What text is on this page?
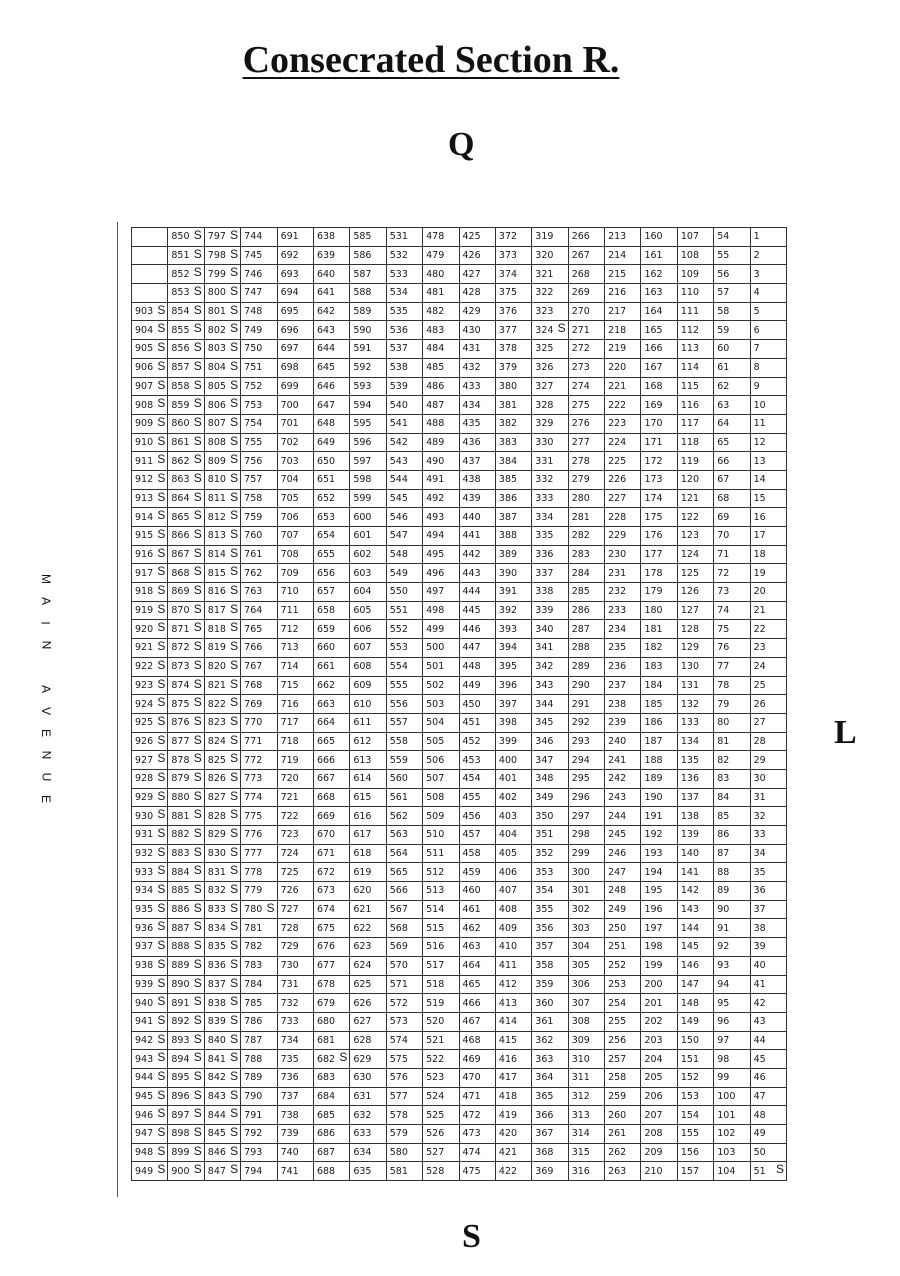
Consecrated Section R.
Q
L
S
M
A
I
N
A
V
E
N
U
E
	850 S	797 S	744	691	638	585	531	478	425	372	319	266	213	160	107	54	1
	851 S	798 S	745	692	639	586	532	479	426	373	320	267	214	161	108	55	2
	852 S	799 S	746	693	640	587	533	480	427	374	321	268	215	162	109	56	3
	853 S	800 S	747	694	641	588	534	481	428	375	322	269	216	163	110	57	4
903 S	854 S	801 S	748	695	642	589	535	482	429	376	323	270	217	164	111	58	5
904 S	855 S	802 S	749	696	643	590	536	483	430	377	324 S	271	218	165	112	59	6
905 S	856 S	803 S	750	697	644	591	537	484	431	378	325	272	219	166	113	60	7
906 S	857 S	804 S	751	698	645	592	538	485	432	379	326	273	220	167	114	61	8
907 S	858 S	805 S	752	699	646	593	539	486	433	380	327	274	221	168	115	62	9
908 S	859 S	806 S	753	700	647	594	540	487	434	381	328	275	222	169	116	63	10
909 S	860 S	807 S	754	701	648	595	541	488	435	382	329	276	223	170	117	64	11
910 S	861 S	808 S	755	702	649	596	542	489	436	383	330	277	224	171	118	65	12
911 S	862 S	809 S	756	703	650	597	543	490	437	384	331	278	225	172	119	66	13
912 S	863 S	810 S	757	704	651	598	544	491	438	385	332	279	226	173	120	67	14
913 S	864 S	811 S	758	705	652	599	545	492	439	386	333	280	227	174	121	68	15
914 S	865 S	812 S	759	706	653	600	546	493	440	387	334	281	228	175	122	69	16
915 S	866 S	813 S	760	707	654	601	547	494	441	388	335	282	229	176	123	70	17
916 S	867 S	814 S	761	708	655	602	548	495	442	389	336	283	230	177	124	71	18
917 S	868 S	815 S	762	709	656	603	549	496	443	390	337	284	231	178	125	72	19
918 S	869 S	816 S	763	710	657	604	550	497	444	391	338	285	232	179	126	73	20
919 S	870 S	817 S	764	711	658	605	551	498	445	392	339	286	233	180	127	74	21
920 S	871 S	818 S	765	712	659	606	552	499	446	393	340	287	234	181	128	75	22
921 S	872 S	819 S	766	713	660	607	553	500	447	394	341	288	235	182	129	76	23
922 S	873 S	820 S	767	714	661	608	554	501	448	395	342	289	236	183	130	77	24
923 S	874 S	821 S	768	715	662	609	555	502	449	396	343	290	237	184	131	78	25
924 S	875 S	822 S	769	716	663	610	556	503	450	397	344	291	238	185	132	79	26
925 S	876 S	823 S	770	717	664	611	557	504	451	398	345	292	239	186	133	80	27
926 S	877 S	824 S	771	718	665	612	558	505	452	399	346	293	240	187	134	81	28
927 S	878 S	825 S	772	719	666	613	559	506	453	400	347	294	241	188	135	82	29
928 S	879 S	826 S	773	720	667	614	560	507	454	401	348	295	242	189	136	83	30
929 S	880 S	827 S	774	721	668	615	561	508	455	402	349	296	243	190	137	84	31
930 S	881 S	828 S	775	722	669	616	562	509	456	403	350	297	244	191	138	85	32
931 S	882 S	829 S	776	723	670	617	563	510	457	404	351	298	245	192	139	86	33
932 S	883 S	830 S	777	724	671	618	564	511	458	405	352	299	246	193	140	87	34
933 S	884 S	831 S	778	725	672	619	565	512	459	406	353	300	247	194	141	88	35
934 S	885 S	832 S	779	726	673	620	566	513	460	407	354	301	248	195	142	89	36
935 S	886 S	833 S	780 S	727	674	621	567	514	461	408	355	302	249	196	143	90	37
936 S	887 S	834 S	781	728	675	622	568	515	462	409	356	303	250	197	144	91	38
937 S	888 S	835 S	782	729	676	623	569	516	463	410	357	304	251	198	145	92	39
938 S	889 S	836 S	783	730	677	624	570	517	464	411	358	305	252	199	146	93	40
939 S	890 S	837 S	784	731	678	625	571	518	465	412	359	306	253	200	147	94	41
940 S	891 S	838 S	785	732	679	626	572	519	466	413	360	307	254	201	148	95	42
941 S	892 S	839 S	786	733	680	627	573	520	467	414	361	308	255	202	149	96	43
942 S	893 S	840 S	787	734	681	628	574	521	468	415	362	309	256	203	150	97	44
943 S	894 S	841 S	788	735	682 S	629	575	522	469	416	363	310	257	204	151	98	45
944 S	895 S	842 S	789	736	683	630	576	523	470	417	364	311	258	205	152	99	46
945 S	896 S	843 S	790	737	684	631	577	524	471	418	365	312	259	206	153	100	47
946 S	897 S	844 S	791	738	685	632	578	525	472	419	366	313	260	207	154	101	48
947 S	898 S	845 S	792	739	686	633	579	526	473	420	367	314	261	208	155	102	49
948 S	899 S	846 S	793	740	687	634	580	527	474	421	368	315	262	209	156	103	50
949 S	900 S	847 S	794	741	688	635	581	528	475	422	369	316	263	210	157	104	51 S
